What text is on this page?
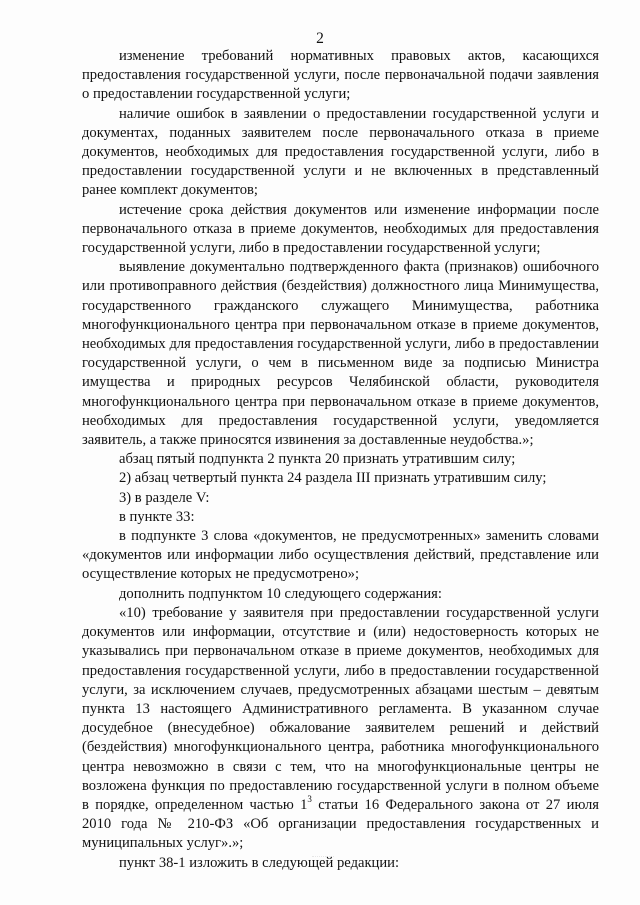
2

изменение требований нормативных правовых актов, касающихся предоставления государственной услуги, после первоначальной подачи заявления о предоставлении государственной услуги;

наличие ошибок в заявлении о предоставлении государственной услуги и документах, поданных заявителем после первоначального отказа в приеме документов, необходимых для предоставления государственной услуги, либо в предоставлении государственной услуги и не включенных в представленный ранее комплект документов;

истечение срока действия документов или изменение информации после первоначального отказа в приеме документов, необходимых для предоставления государственной услуги, либо в предоставлении государственной услуги;

выявление документально подтвержденного факта (признаков) ошибочного или противоправного действия (бездействия) должностного лица Минимущества, государственного гражданского служащего Минимущества, работника многофункционального центра при первоначальном отказе в приеме документов, необходимых для предоставления государственной услуги, либо в предоставлении государственной услуги, о чем в письменном виде за подписью Министра имущества и природных ресурсов Челябинской области, руководителя многофункционального центра при первоначальном отказе в приеме документов, необходимых для предоставления государственной услуги, уведомляется заявитель, а также приносятся извинения за доставленные неудобства.»;

абзац пятый подпункта 2 пункта 20 признать утратившим силу;

2) абзац четвертый пункта 24 раздела III признать утратившим силу;

3) в разделе V:

в пункте 33:

в подпункте 3 слова «документов, не предусмотренных» заменить словами «документов или информации либо осуществления действий, представление или осуществление которых не предусмотрено»;

дополнить подпунктом 10 следующего содержания:

«10) требование у заявителя при предоставлении государственной услуги документов или информации, отсутствие и (или) недостоверность которых не указывались при первоначальном отказе в приеме документов, необходимых для предоставления государственной услуги, либо в предоставлении государственной услуги, за исключением случаев, предусмотренных абзацами шестым – девятым пункта 13 настоящего Административного регламента. В указанном случае досудебное (внесудебное) обжалование заявителем решений и действий (бездействия) многофункционального центра, работника многофункционального центра невозможно в связи с тем, что на многофункциональные центры не возложена функция по предоставлению государственной услуги в полном объеме в порядке, определенном частью $1^3$ статьи 16 Федерального закона от 27 июля 2010 года № 210-ФЗ «Об организации предоставления государственных и муниципальных услуг».»;

пункт 38-1 изложить в следующей редакции:
